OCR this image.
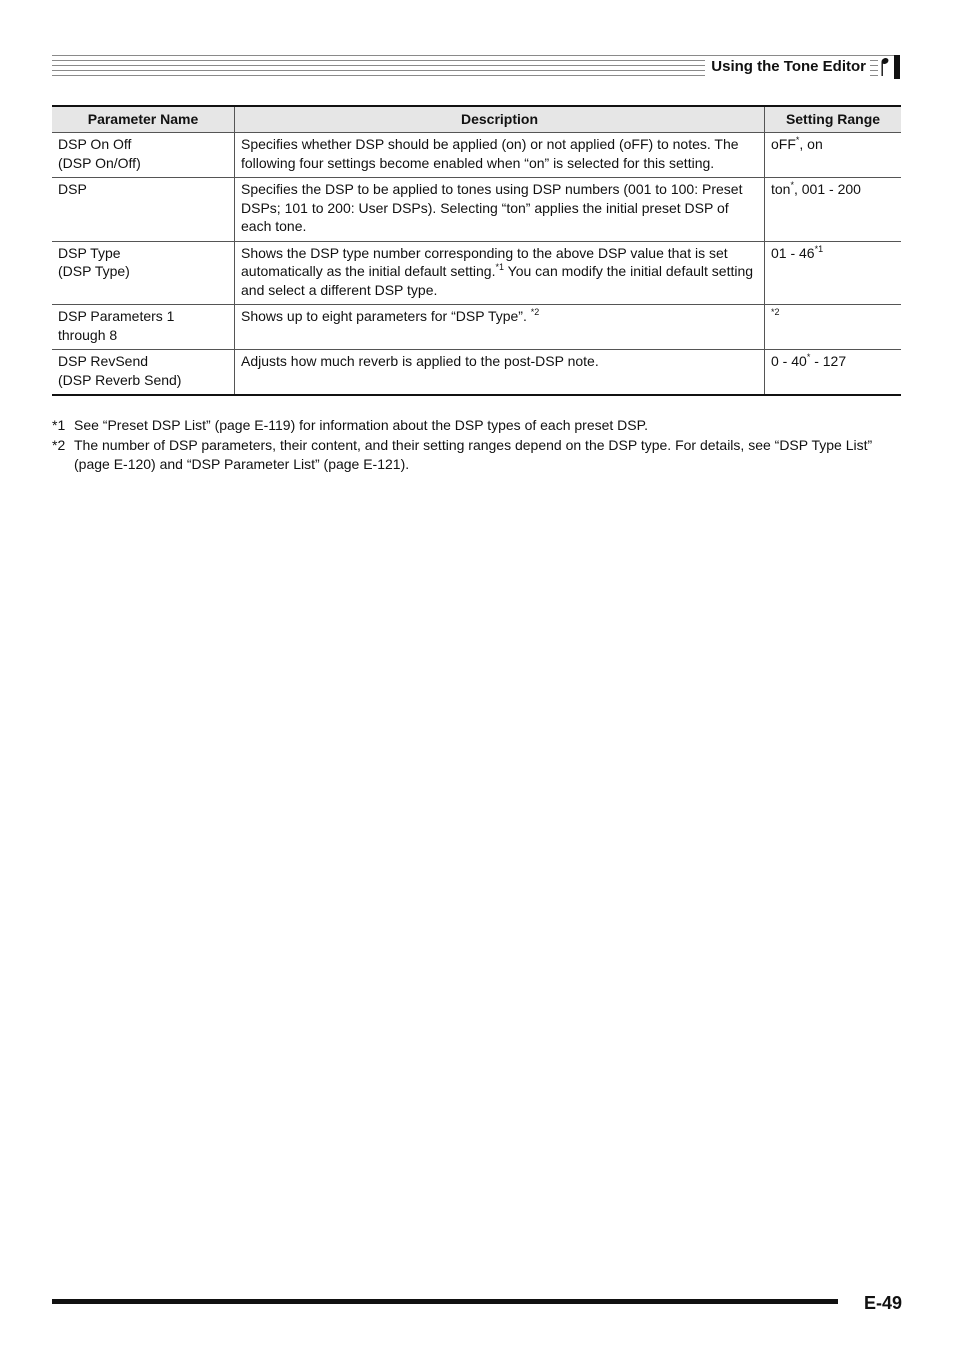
Using the Tone Editor
Parameter Name	Description	Setting Range

DSP On Off
(DSP On/Off)	Specifies whether DSP should be applied (on) or not applied (oFF) to notes. The following four settings become enabled when “on” is selected for this setting.	oFF*, on

DSP	Specifies the DSP to be applied to tones using DSP numbers (001 to 100: Preset DSPs; 101 to 200: User DSPs). Selecting “ton” applies the initial preset DSP of each tone.	ton*, 001 - 200

DSP Type
(DSP Type)	Shows the DSP type number corresponding to the above DSP value that is set automatically as the initial default setting.$^{*1}$ You can modify the initial default setting and select a different DSP type.	01 - 46$^{*1}$

DSP Parameters 1
through 8	Shows up to eight parameters for “DSP Type”. $^{*2}$	$^{*2}$

DSP RevSend
(DSP Reverb Send)	Adjusts how much reverb is applied to the post-DSP note.	0 - 40* - 127
*1 See “Preset DSP List” (page E-119) for information about the DSP types of each preset DSP.
*2 The number of DSP parameters, their content, and their setting ranges depend on the DSP type. For details, see “DSP Type List” (page E-120) and “DSP Parameter List” (page E-121).
E-49
